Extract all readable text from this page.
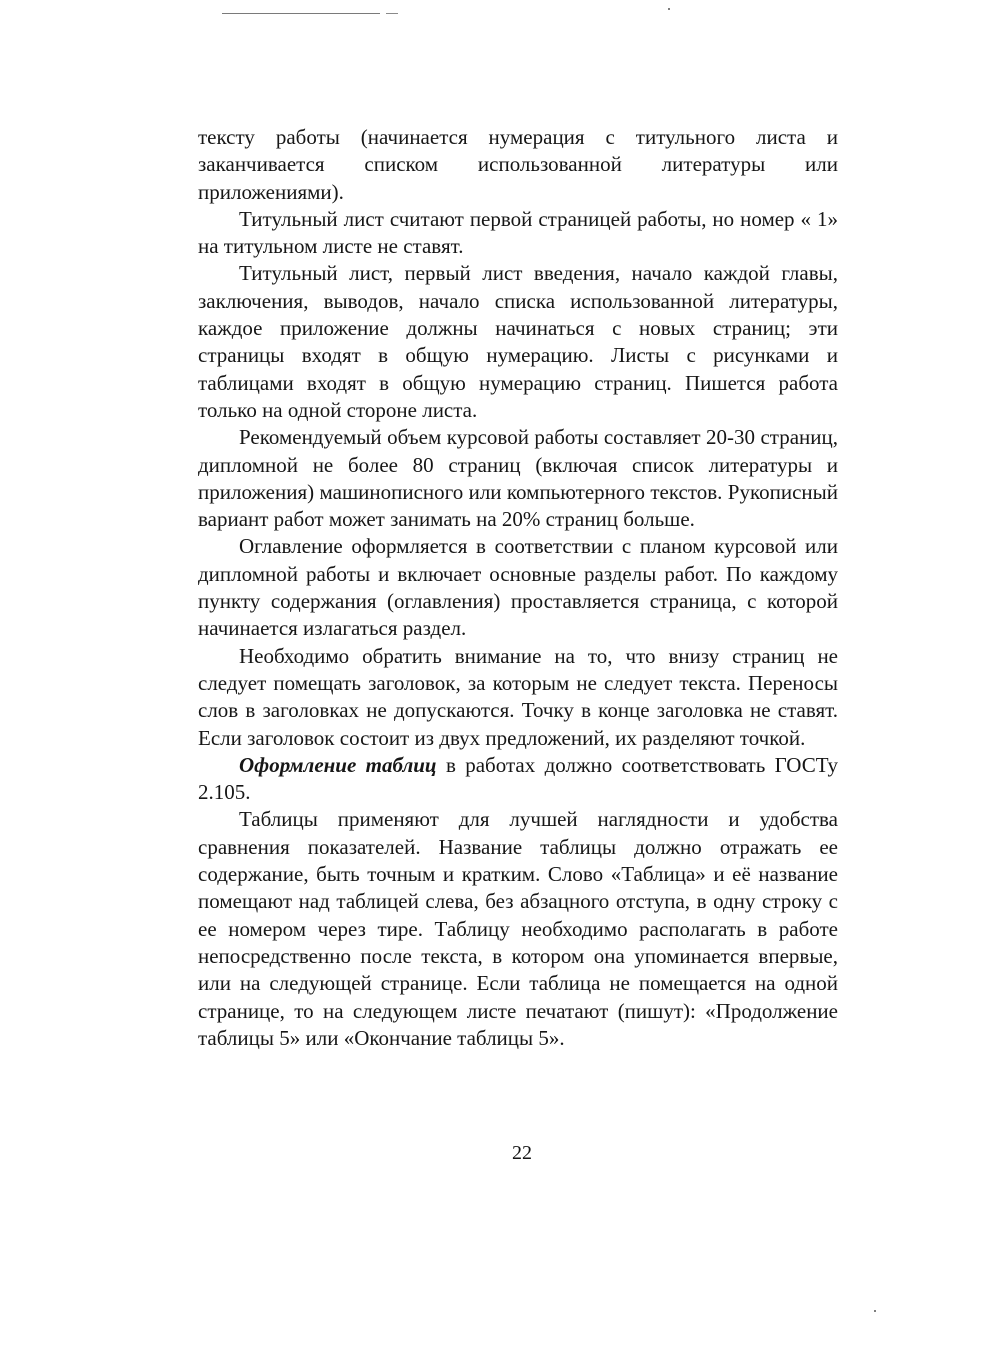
тексту работы (начинается нумерация с титульного листа и заканчивается списком использованной литературы или приложениями).

Титульный лист считают первой страницей работы, но номер « 1» на титульном листе не ставят.

Титульный лист, первый лист введения, начало каждой главы, заключения, выводов, начало списка использованной литературы, каждое приложение должны начинаться с новых страниц; эти страницы входят в общую нумерацию. Листы с рисунками и таблицами входят в общую нумерацию страниц. Пишется работа только на одной стороне листа.

Рекомендуемый объем курсовой работы составляет 20-30 страниц, дипломной не более 80 страниц (включая список литературы и приложения) машинописного или компьютерного текстов. Рукописный вариант работ может занимать на 20% страниц больше.

Оглавление оформляется в соответствии с планом курсовой или дипломной работы и включает основные разделы работ. По каждому пункту содержания (оглавления) проставляется страница, с которой начинается излагаться раздел.

Необходимо обратить внимание на то, что внизу страниц не следует помещать заголовок, за которым не следует текста. Переносы слов в заголовках не допускаются. Точку в конце заголовка не ставят. Если заголовок состоит из двух предложений, их разделяют точкой.

Оформление таблиц в работах должно соответствовать ГОСТу 2.105.

Таблицы применяют для лучшей наглядности и удобства сравнения показателей. Название таблицы должно отражать ее содержание, быть точным и кратким. Слово «Таблица» и её название помещают над таблицей слева, без абзацного отступа, в одну строку с ее номером через тире. Таблицу необходимо располагать в работе непосредственно после текста, в котором она упоминается впервые, или на следующей странице. Если таблица не помещается на одной странице, то на следующем листе печатают (пишут): «Продолжение таблицы 5» или «Окончание таблицы 5».

22
